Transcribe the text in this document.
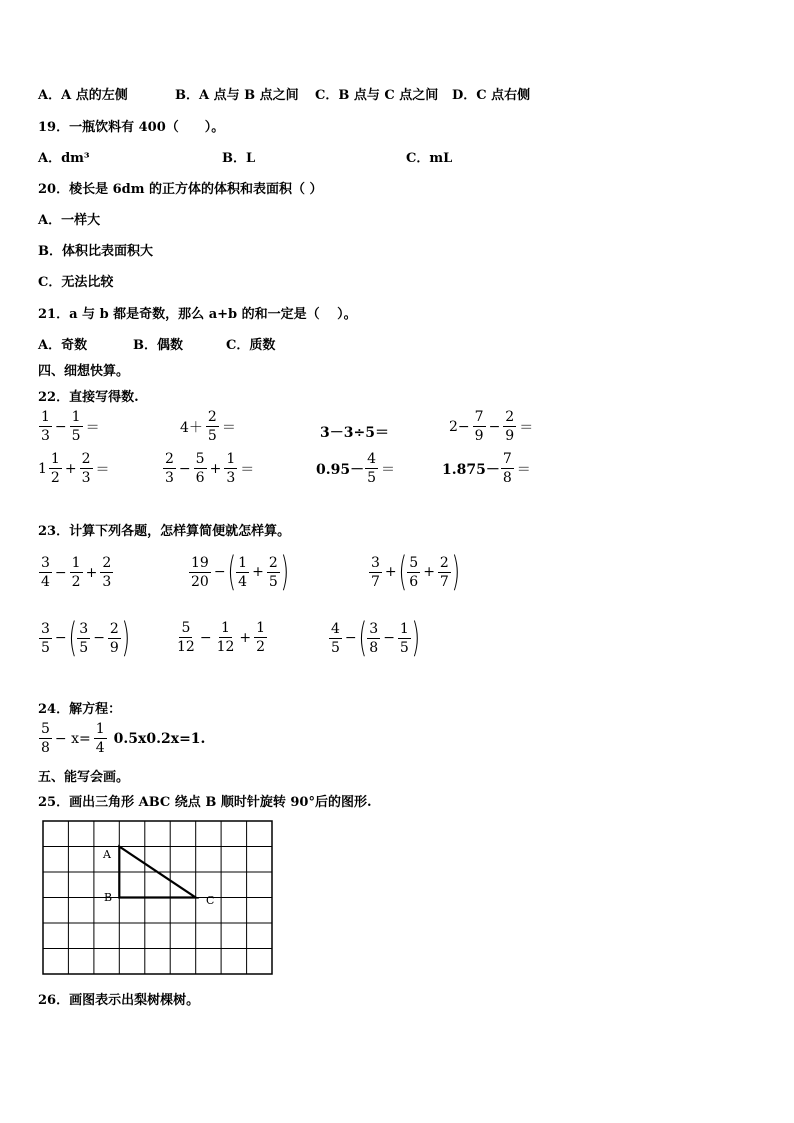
A．A 点的左侧	B．A 点与 B 点之间 C．B 点与 C 点之间 D．C 点右侧
19．一瓶饮料有 400（　　）。
A．dm³	B．L	C．mL
20．棱长是 6dm 的正方体的体积和表面积（ ）
A．一样大
B．体积比表面积大
C．无法比较
21．a 与 b 都是奇数，那么 a+b 的和一定是（　 ）。
A．奇数	B．偶数	C．质数
四、细想快算。
22．直接写得数.
$\frac{1}{3} - \frac{1}{5}$ ＝	$4+ \frac{2}{5}$ ＝	3－3÷5＝	$2- \frac{7}{9} - \frac{2}{9}$ ＝
$1 \frac{1}{2} + \frac{2}{3}$ ＝	$\frac{2}{3} - \frac{5}{6} + \frac{1}{3}$ ＝	$0.95- \frac{4}{5}$ ＝	$1.875- \frac{7}{8}$ ＝
23．计算下列各题，怎样算简便就怎样算。
$\frac{3}{4} - \frac{1}{2} + \frac{2}{3}$	$\frac{19}{20}$ − ( $\frac{1}{4} + \frac{2}{5}$ )	$\frac{3}{7}$ + ( $\frac{5}{6} + \frac{2}{7}$ )
$\frac{3}{5}$ − ( $\frac{3}{5} - \frac{2}{9}$ )	$\frac{5}{12} - \frac{1}{12} + \frac{1}{2}$	$\frac{4}{5}$ − ( $\frac{3}{8} - \frac{1}{5}$ )
24．解方程：
$\frac{5}{8} - x= \frac{1}{4} 0.5x0.2x=1$.
五、能写会画。
25．画出三角形 ABC 绕点 B 顺时针旋转 90°后的图形.
A
B	C
26．画图表示出梨树棵树。
